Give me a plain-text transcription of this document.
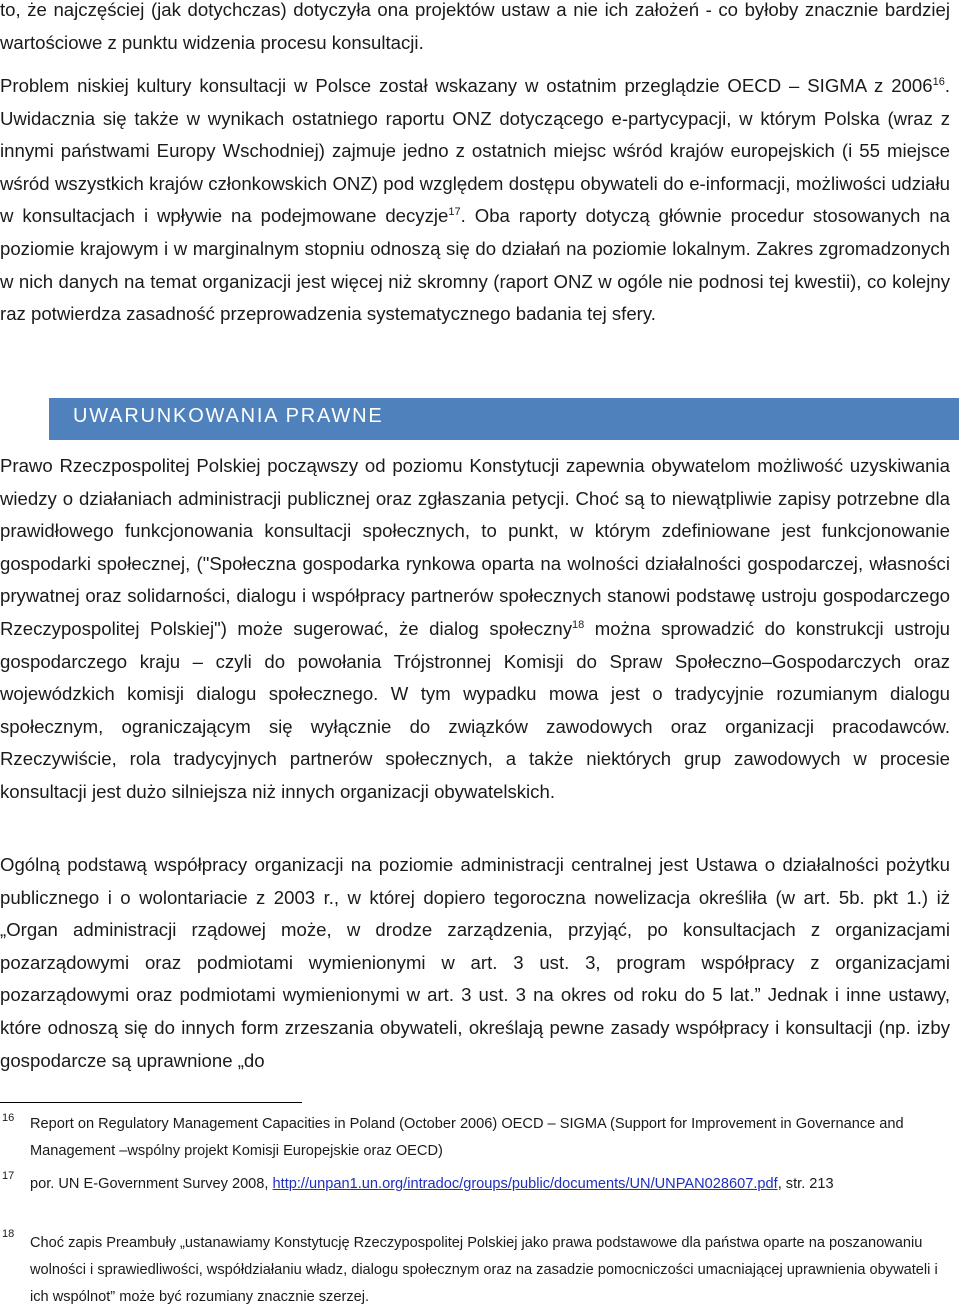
to, że najczęściej (jak dotychczas) dotyczyła ona projektów ustaw a nie ich założeń - co byłoby znacznie bardziej wartościowe z punktu widzenia procesu konsultacji.

Problem niskiej kultury konsultacji w Polsce został wskazany w ostatnim przeglądzie OECD – SIGMA z 2006$^{16}$. Uwidacznia się także w wynikach ostatniego raportu ONZ dotyczącego e-partycypacji, w którym Polska (wraz z innymi państwami Europy Wschodniej) zajmuje jedno z ostatnich miejsc wśród krajów europejskich (i 55 miejsce wśród wszystkich krajów członkowskich ONZ) pod względem dostępu obywateli do e-informacji, możliwości udziału w konsultacjach i wpływie na podejmowane decyzje$^{17}$. Oba raporty dotyczą głównie procedur stosowanych na poziomie krajowym i w marginalnym stopniu odnoszą się do działań na poziomie lokalnym. Zakres zgromadzonych w nich danych na temat organizacji jest więcej niż skromny (raport ONZ w ogóle nie podnosi tej kwestii), co kolejny raz potwierdza zasadność przeprowadzenia systematycznego badania tej sfery.

UWARUNKOWANIA PRAWNE

Prawo Rzeczpospolitej Polskiej począwszy od poziomu Konstytucji zapewnia obywatelom możliwość uzyskiwania wiedzy o działaniach administracji publicznej oraz zgłaszania petycji. Choć są to niewątpliwie zapisy potrzebne dla prawidłowego funkcjonowania konsultacji społecznych, to punkt, w którym zdefiniowane jest funkcjonowanie gospodarki społecznej, ("Społeczna gospodarka rynkowa oparta na wolności działalności gospodarczej, własności prywatnej oraz solidarności, dialogu i współpracy partnerów społecznych stanowi podstawę ustroju gospodarczego Rzeczypospolitej Polskiej") może sugerować, że dialog społeczny$^{18}$ można sprowadzić do konstrukcji ustroju gospodarczego kraju – czyli do powołania Trójstronnej Komisji do Spraw Społeczno–Gospodarczych oraz wojewódzkich komisji dialogu społecznego. W tym wypadku mowa jest o tradycyjnie rozumianym dialogu społecznym, ograniczającym się wyłącznie do związków zawodowych oraz organizacji pracodawców. Rzeczywiście, rola tradycyjnych partnerów społecznych, a także niektórych grup zawodowych w procesie konsultacji jest dużo silniejsza niż innych organizacji obywatelskich.

Ogólną podstawą współpracy organizacji na poziomie administracji centralnej jest Ustawa o działalności pożytku publicznego i o wolontariacie z 2003 r., w której dopiero tegoroczna nowelizacja określiła (w art. 5b. pkt 1.) iż „Organ administracji rządowej może, w drodze zarządzenia, przyjąć, po konsultacjach z organizacjami pozarządowymi oraz podmiotami wymienionymi w art. 3 ust. 3, program współpracy z organizacjami pozarządowymi oraz podmiotami wymienionymi w art. 3 ust. 3 na okres od roku do 5 lat.” Jednak i inne ustawy, które odnoszą się do innych form zrzeszania obywateli, określają pewne zasady współpracy i konsultacji (np. izby gospodarcze są uprawnione „do

16 Report on Regulatory Management Capacities in Poland (October 2006) OECD – SIGMA (Support for Improvement in Governance and Management –wspólny projekt Komisji Europejskie oraz OECD)

17 por. UN E-Government Survey 2008, http://unpan1.un.org/intradoc/groups/public/documents/UN/UNPAN028607.pdf, str. 213

18

Choć zapis Preambuły „ustanawiamy Konstytucję Rzeczypospolitej Polskiej jako prawa podstawowe dla państwa oparte na poszanowaniu wolności i sprawiedliwości, współdziałaniu władz, dialogu społecznym oraz na zasadzie pomocniczości umacniającej uprawnienia obywateli i ich wspólnot” może być rozumiany znacznie szerzej.
